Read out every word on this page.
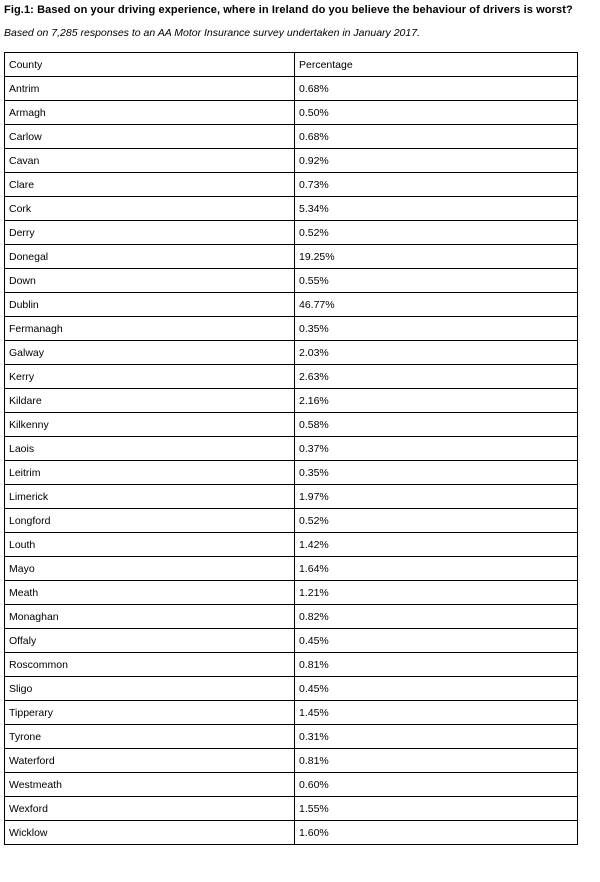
Fig.1: Based on your driving experience, where in Ireland do you believe the behaviour of drivers is worst?
Based on 7,285 responses to an AA Motor Insurance survey undertaken in January 2017.
County	Percentage
Antrim	0.68%
Armagh	0.50%
Carlow	0.68%
Cavan	0.92%
Clare	0.73%
Cork	5.34%
Derry	0.52%
Donegal	19.25%
Down	0.55%
Dublin	46.77%
Fermanagh	0.35%
Galway	2.03%
Kerry	2.63%
Kildare	2.16%
Kilkenny	0.58%
Laois	0.37%
Leitrim	0.35%
Limerick	1.97%
Longford	0.52%
Louth	1.42%
Mayo	1.64%
Meath	1.21%
Monaghan	0.82%
Offaly	0.45%
Roscommon	0.81%
Sligo	0.45%
Tipperary	1.45%
Tyrone	0.31%
Waterford	0.81%
Westmeath	0.60%
Wexford	1.55%
Wicklow	1.60%
